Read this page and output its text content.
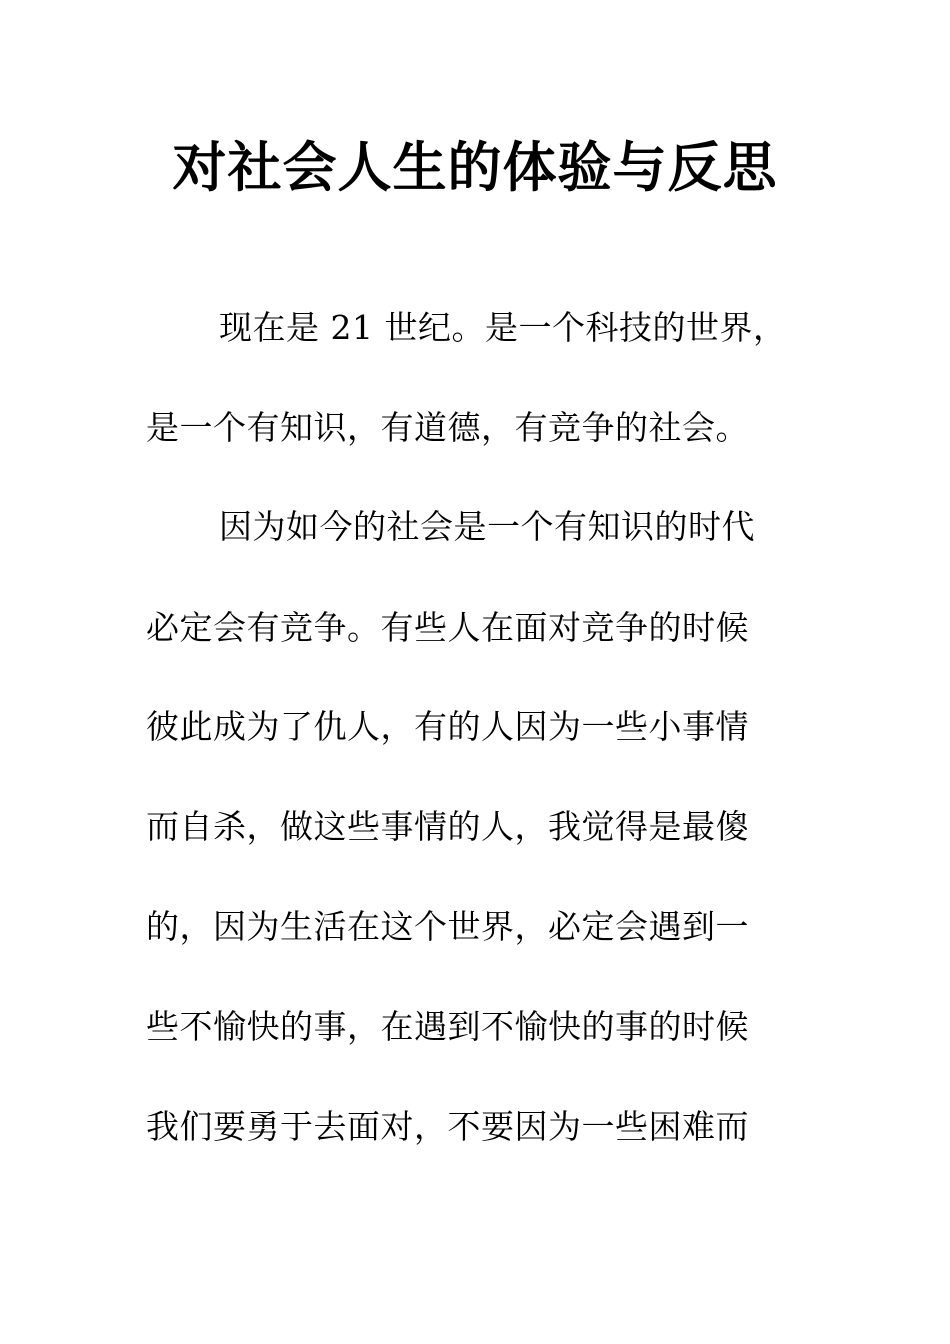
对社会人生的体验与反思

现在是 21 世纪。是一个科技的世界，

是一个有知识，有道德，有竞争的社会。

因为如今的社会是一个有知识的时代

必定会有竞争。有些人在面对竞争的时候

彼此成为了仇人，有的人因为一些小事情

而自杀，做这些事情的人，我觉得是最傻

的，因为生活在这个世界，必定会遇到一

些不愉快的事，在遇到不愉快的事的时候

我们要勇于去面对，不要因为一些困难而
